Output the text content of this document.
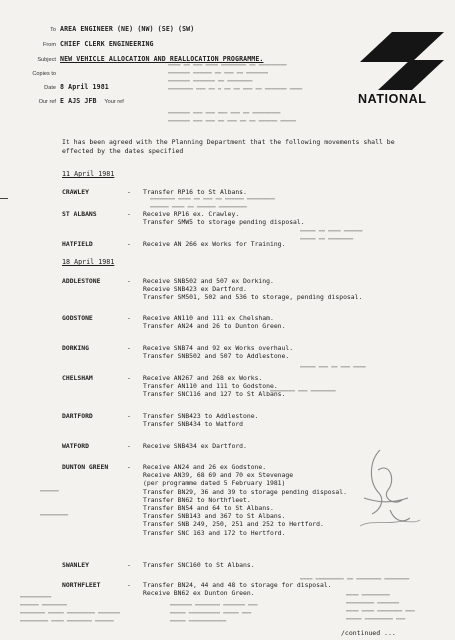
▬▬▬▬ ▬▬ ▬▬▬ ▬▬▬▬ ▬▬▬▬▬▬▬▬ ▬▬ ▬▬▬▬▬▬▬▬▬
▬▬▬▬▬▬▬ ▬▬▬▬▬▬ ▬▬ ▬▬▬ ▬▬ ▬▬▬▬▬▬▬
▬▬▬▬▬▬▬ ▬▬▬▬▬▬▬ ▬▬ ▬▬▬▬▬▬▬▬
▬▬▬▬▬▬▬▬ ▬▬▬ ▬▬ ▬ ▬▬ ▬▬ ▬▬▬ ▬▬ ▬▬▬▬▬▬▬ ▬▬▬▬
▬▬▬▬▬▬▬ ▬▬▬ ▬▬▬ ▬▬▬ ▬▬▬ ▬▬ ▬▬▬▬▬▬▬▬▬
▬▬▬▬▬▬▬ ▬▬▬ ▬▬▬ ▬▬ ▬▬▬ ▬▬ ▬▬ ▬▬▬▬▬▬ ▬▬▬▬▬
▬▬▬▬▬▬▬▬ ▬▬▬▬ ▬▬ ▬▬▬ ▬▬ ▬▬▬▬▬▬ ▬▬▬▬▬▬▬▬▬
▬▬▬▬▬▬ ▬▬▬▬ ▬▬ ▬▬▬▬▬▬ ▬▬▬▬▬▬▬▬▬
▬▬▬▬▬ ▬▬ ▬▬▬▬ ▬▬▬▬▬▬
▬▬▬▬▬ ▬▬ ▬▬▬▬▬▬▬▬
▬▬▬▬▬ ▬▬▬ ▬▬ ▬▬▬ ▬▬▬▬
▬▬▬▬▬▬▬▬ ▬▬▬ ▬▬▬▬▬▬▬▬
▬▬▬▬▬▬
▬▬▬▬▬▬▬▬▬
▬▬▬▬ ▬▬▬▬▬▬▬▬▬ ▬▬ ▬▬▬▬▬▬▬▬ ▬▬▬▬▬▬▬▬
▬▬▬▬ ▬▬▬▬▬▬▬▬▬
▬▬▬▬▬▬▬▬▬ ▬▬▬▬▬▬▬
▬▬▬▬ ▬▬▬▬ ▬▬▬▬▬▬▬▬ ▬▬▬
▬▬▬▬▬ ▬▬▬▬▬▬▬▬▬ ▬▬▬
▬▬▬▬▬▬▬▬▬▬
▬▬▬▬▬▬ ▬▬▬▬▬▬▬▬
▬▬▬▬▬▬▬▬ ▬▬▬▬▬ ▬▬▬▬▬▬▬▬▬ ▬▬▬▬▬▬▬
▬▬▬▬▬▬▬▬▬ ▬▬▬▬ ▬▬▬▬▬▬▬▬ ▬▬▬▬▬▬
▬▬▬▬▬▬▬ ▬▬▬▬▬▬▬▬ ▬▬▬▬▬▬▬ ▬▬▬
▬▬▬▬▬ ▬▬▬▬▬▬▬▬▬▬ ▬▬▬▬▬ ▬▬▬
▬▬▬▬▬ ▬▬▬▬▬▬▬▬▬▬▬▬
To AREA ENGINEER (NE) (NW) (SE) (SW)
From CHIEF CLERK ENGINEERING
Subject NEW VEHICLE ALLOCATION AND REALLOCATION PROGRAMME.
Copies to
Date 8 April 1981
Our ref E AJS JFB Your ref	NATIONAL
It has been agreed with the Planning Department that the following movements shall be effected by the dates specified
11 April 1981
CRAWLEY	- Transfer RP16 to St Albans.
ST ALBANS	- Receive RP16 ex. Crawley.
Transfer SMW5 to storage pending disposal.
HATFIELD	- Receive AN 266 ex Works for Training.
18 April 1981
ADDLESTONE	- Receive SNB502 and 507 ex Dorking.
Receive SNB423 ex Dartford.
Transfer SM501, 502 and 536 to storage, pending disposal.
GODSTONE	- Receive AN110 and 111 ex Chelsham.
Transfer AN24 and 26 to Dunton Green.
DORKING	- Receive SNB74 and 92 ex Works overhaul.
Transfer SNB502 and 507 to Addlestone.
CHELSHAM	- Receive AN267 and 268 ex Works.
Transfer AN110 and 111 to Godstone.
Transfer SNC116 and 127 to St Albans.
DARTFORD	- Transfer SNB423 to Addlestone.
Transfer SNB434 to Watford
WATFORD	- Receive SNB434 ex Dartford.
DUNTON GREEN	- Receive AN24 and 26 ex Godstone.
Receive AN39, 68 69 and 70 ex Stevenage
(per programme dated 5 February 1981)
Transfer BN29, 36 and 39 to storage pending disposal.
Transfer BN62 to Northfleet.
Transfer BN54 and 64 to St Albans.
Transfer SNB143 and 367 to St Albans.
Transfer SNB 249, 250, 251 and 252 to Hertford.
Transfer SNC 163 and 172 to Hertford.
SWANLEY	- Transfer SNC160 to St Albans.
NORTHFLEET	- Transfer BN24, 44 and 48 to storage for disposal.
Receive BN62 ex Dunton Green.
/continued ...
